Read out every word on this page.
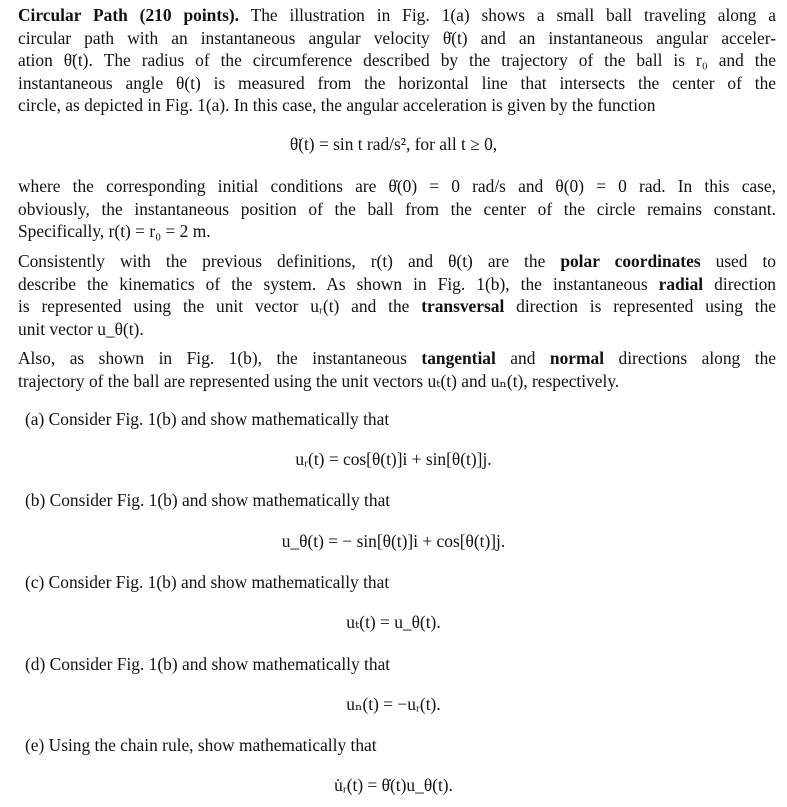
Circular Path (210 points). The illustration in Fig. 1(a) shows a small ball traveling along a
circular path with an instantaneous angular velocity θ̇(t) and an instantaneous angular acceler-
ation θ̈(t). The radius of the circumference described by the trajectory of the ball is r₀ and the
instantaneous angle θ(t) is measured from the horizontal line that intersects the center of the
circle, as depicted in Fig. 1(a). In this case, the angular acceleration is given by the function

θ̈(t) = sin t rad/s², for all t ≥ 0,

where the corresponding initial conditions are θ̇(0) = 0 rad/s and θ(0) = 0 rad. In this case,
obviously, the instantaneous position of the ball from the center of the circle remains constant.
Specifically, r(t) = r₀ = 2 m.

Consistently with the previous definitions, r(t) and θ(t) are the polar coordinates used to
describe the kinematics of the system. As shown in Fig. 1(b), the instantaneous radial direction
is represented using the unit vector uᵣ(t) and the transversal direction is represented using the
unit vector u_θ(t).

Also, as shown in Fig. 1(b), the instantaneous tangential and normal directions along the
trajectory of the ball are represented using the unit vectors uₜ(t) and uₙ(t), respectively.

(a) Consider Fig. 1(b) and show mathematically that

uᵣ(t) = cos[θ(t)]i + sin[θ(t)]j.

(b) Consider Fig. 1(b) and show mathematically that

u_θ(t) = − sin[θ(t)]i + cos[θ(t)]j.

(c) Consider Fig. 1(b) and show mathematically that

uₜ(t) = u_θ(t).

(d) Consider Fig. 1(b) and show mathematically that

uₙ(t) = −uᵣ(t).

(e) Using the chain rule, show mathematically that

u̇ᵣ(t) = θ̇(t)u_θ(t).
